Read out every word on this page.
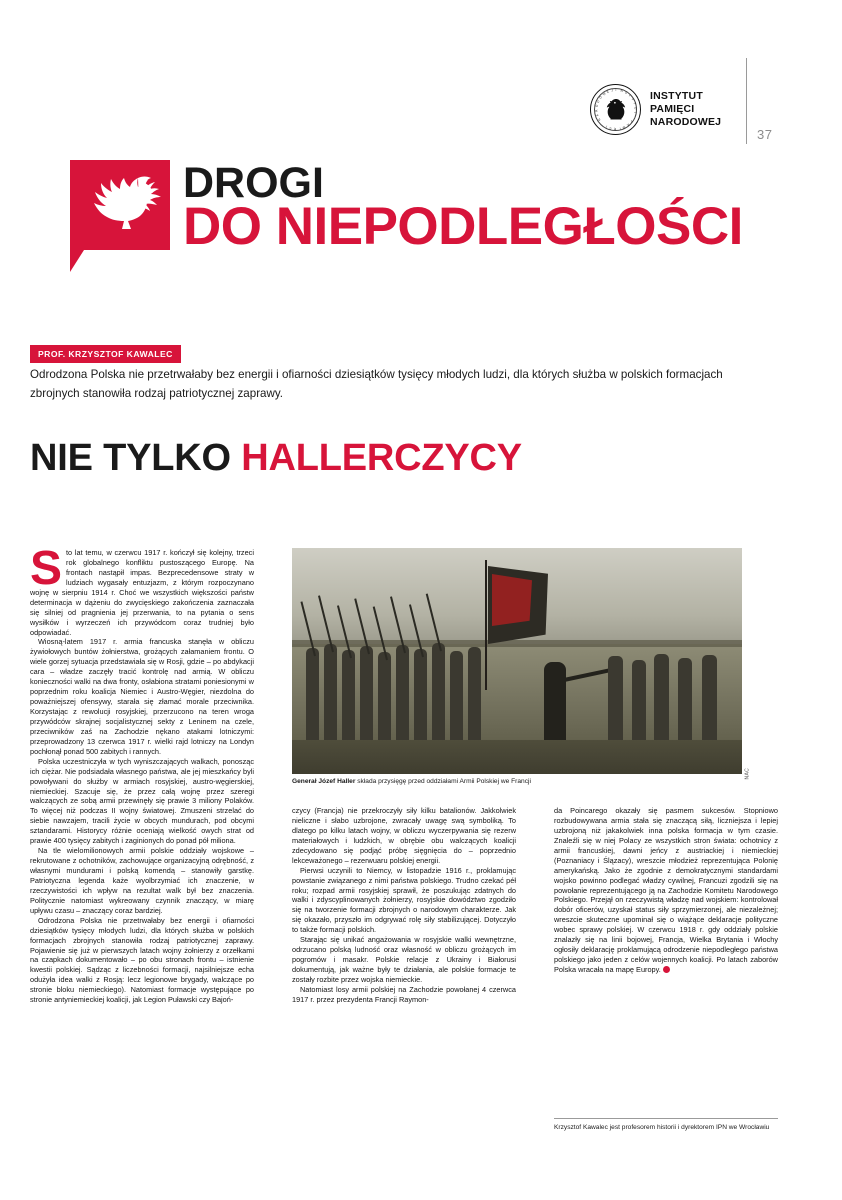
I N S
T
Y
T
U
T
P
A
M
I
Ę
C
I
N
A
R
O
D
O
W E J	INSTYTUT
PAMIĘCI
NARODOWEJ
37
DROGI
DO NIEPODLEGŁOŚCI
PROF. KRZYSZTOF KAWALEC
Odrodzona Polska nie przetrwałaby bez energii i ofiarności dziesiątków tysięcy młodych ludzi, dla których służba w polskich formacjach zbrojnych stanowiła rodzaj patriotycznej zaprawy.
NIE TYLKO HALLERCZYCY
NAC
Generał Józef Haller składa przysięgę przed oddziałami Armii Polskiej we Francji

Sto lat temu, w czerwcu 1917 r. kończył się kolejny, trzeci rok globalnego konfliktu pustoszącego Europę. Na frontach nastąpił impas. Bezprecedensowe straty w ludziach wygasały entuzjazm, z którym rozpoczynano wojnę w sierpniu 1914 r. Choć we wszystkich większości państw determinacja w dążeniu do zwycięskiego zakończenia zaznaczała się silniej od pragnienia jej przerwania, to na pytania o sens wysiłków i wyrzeczeń ich przywódcom coraz trudniej było odpowiadać.

Wiosną-latem 1917 r. armia francuska stanęła w obliczu żywiołowych buntów żołnierstwa, grożących załamaniem frontu. O wiele gorzej sytuacja przedstawiała się w Rosji, gdzie – po abdykacji cara – władze zaczęły tracić kontrolę nad armią. W obliczu konieczności walki na dwa fronty, osłabiona stratami poniesionymi w poprzednim roku koalicja Niemiec i Austro-Węgier, niezdolna do poważniejszej ofensywy, starała się złamać morale przeciwnika. Korzystając z rewolucji rosyjskiej, przerzucono na teren wroga przywódców skrajnej socjalistycznej sekty z Leninem na czele, przeciwników zaś na Zachodzie nękano atakami lotniczymi: przeprowadzony 13 czerwca 1917 r. wielki rajd lotniczy na Londyn pochłonął ponad 500 zabitych i rannych.

Polska uczestniczyła w tych wyniszczających walkach, ponosząc ich ciężar. Nie podsiadała własnego państwa, ale jej mieszkańcy byli powoływani do służby w armiach rosyjskiej, austro-węgierskiej, niemieckiej. Szacuje się, że przez całą wojnę przez szeregi walczących ze sobą armii przewinęły się prawie 3 miliony Polaków. To więcej niż podczas II wojny światowej. Zmuszeni strzelać do siebie nawzajem, tracili życie w obcych mundurach, pod obcymi sztandarami. Historycy różnie oceniają wielkość owych strat od prawie 400 tysięcy zabitych i zaginionych do ponad pół miliona.

Na tle wielomilionowych armii polskie oddziały wojskowe – rekrutowane z ochotników, zachowujące organizacyjną odrębność, z własnymi mundurami i polską komendą – stanowiły garstkę. Patriotyczna legenda każe wyolbrzymiać ich znaczenie, w rzeczywistości ich wpływ na rezultat walk był bez znaczenia. Politycznie natomiast wykreowany czynnik znaczący, w miarę upływu czasu – znaczący coraz bardziej.

Odrodzona Polska nie przetrwałaby bez energii i ofiarności dziesiątków tysięcy młodych ludzi, dla których służba w polskich formacjach zbrojnych stanowiła rodzaj patriotycznej zaprawy. Pojawienie się już w pierwszych latach wojny żołnierzy z orzełkami na czapkach dokumentowało – po obu stronach frontu – istnienie kwestii polskiej. Sądząc z liczebności formacji, najsilniejsze echa odużyła idea walki z Rosją: lecz legionowe brygady, walczące po stronie bloku niemieckiego). Natomiast formacje występujące po stronie antyniemieckiej koalicji, jak Legion Puławski czy Bajoń-

czycy (Francja) nie przekroczyły siły kilku batalionów. Jakkolwiek nieliczne i słabo uzbrojone, zwracały uwagę swą symboliką. To dlatego po kilku latach wojny, w obliczu wyczerpywania się rezerw materiałowych i ludzkich, w obrębie obu walczących koalicji zdecydowano się podjąć próbę sięgnięcia do – poprzednio lekceważonego – rezerwuaru polskiej energii.

Pierwsi uczynili to Niemcy, w listopadzie 1916 r., proklamując powstanie związanego z nimi państwa polskiego. Trudno czekać péł roku; rozpad armii rosyjskiej sprawił, że poszukując zdatnych do walki i zdyscyplinowanych żołnierzy, rosyjskie dowództwo zgodziło się na tworzenie formacji zbrojnych o narodowym charakterze. Jak się okazało, przyszło im odgrywać rolę siły stabilizującej. Dotyczyło to także formacji polskich.

Starając się unikać angażowania w rosyjskie walki wewnętrzne, odrzucano polską ludność oraz własność w obliczu grożących im pogromów i masakr. Polskie relacje z Ukrainy i Białorusi dokumentują, jak ważne były te działania, ale polskie formacje te zostały rozbite przez wojska niemieckie.

Natomiast losy armii polskiej na Zachodzie powołanej 4 czerwca 1917 r. przez prezydenta Francji Raymon-

da Poincarego okazały się pasmem sukcesów. Stopniowo rozbudowywana armia stała się znaczącą siłą, liczniejsza i lepiej uzbrojoną niż jakakolwiek inna polska formacja w tym czasie. Znaleźli się w niej Polacy ze wszystkich stron świata: ochotnicy z armii francuskiej, dawni jeńcy z austriackiej i niemieckiej (Poznaniacy i Ślązacy), wreszcie młodzież reprezentująca Polonię amerykańską. Jako że zgodnie z demokratycznymi standardami wojsko powinno podlegać władzy cywilnej, Francuzi zgodzili się na powołanie reprezentującego ją na Zachodzie Komitetu Narodowego Polskiego. Przejął on rzeczywistą władzę nad wojskiem: kontrolował dobór oficerów, uzyskał status siły sprzymierzonej, ale niezależnej; wreszcie skuteczne upominał się o wiążące deklaracje polityczne wobec sprawy polskiej. W czerwcu 1918 r. gdy oddziały polskie znalazły się na linii bojowej, Francja, Wielka Brytania i Włochy ogłosiły deklarację proklamującą odrodzenie niepodległego państwa polskiego jako jeden z celów wojennych koalicji. Po latach zaborów Polska wracała na mapę Europy.

Krzysztof Kawalec jest profesorem historii i dyrektorem IPN we Wrocławiu
